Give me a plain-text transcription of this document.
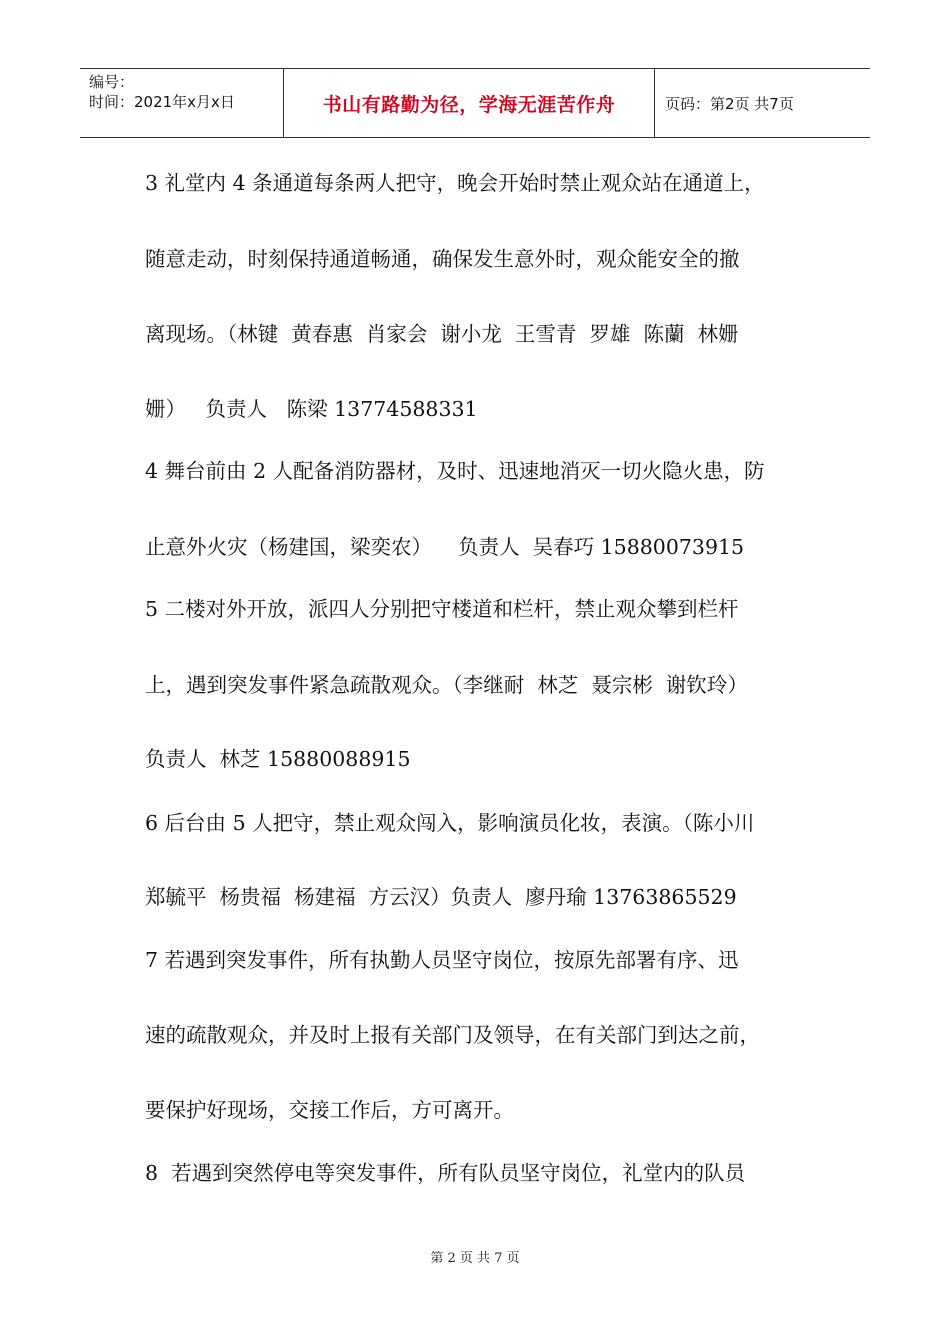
编号：
时间：2021年x月x日	书山有路勤为径，学海无涯苦作舟	页码：第2页 共7页
3 礼堂内 4 条通道每条两人把守，晚会开始时禁止观众站在通道上，
随意走动，时刻保持通道畅通，确保发生意外时，观众能安全的撤
离现场。（林键  黄春惠  肖家会  谢小龙  王雪青  罗雄  陈蘭  林姗
姗）   负责人   陈梁 13774588331
4 舞台前由 2 人配备消防器材，及时、迅速地消灭一切火隐火患，防
止意外火灾（杨建国，梁奕农）    负责人  吴春巧 15880073915
5 二楼对外开放，派四人分别把守楼道和栏杆，禁止观众攀到栏杆
上，遇到突发事件紧急疏散观众。（李继耐  林芝  聂宗彬  谢钦玲）
负责人  林芝 15880088915
6 后台由 5 人把守，禁止观众闯入，影响演员化妆，表演。（陈小川
郑毓平  杨贵福  杨建福  方云汉）负责人  廖丹瑜 13763865529
7 若遇到突发事件，所有执勤人员坚守岗位，按原先部署有序、迅
速的疏散观众，并及时上报有关部门及领导，在有关部门到达之前，
要保护好现场，交接工作后，方可离开。
8  若遇到突然停电等突发事件，所有队员坚守岗位，礼堂内的队员
第 2 页 共 7 页
